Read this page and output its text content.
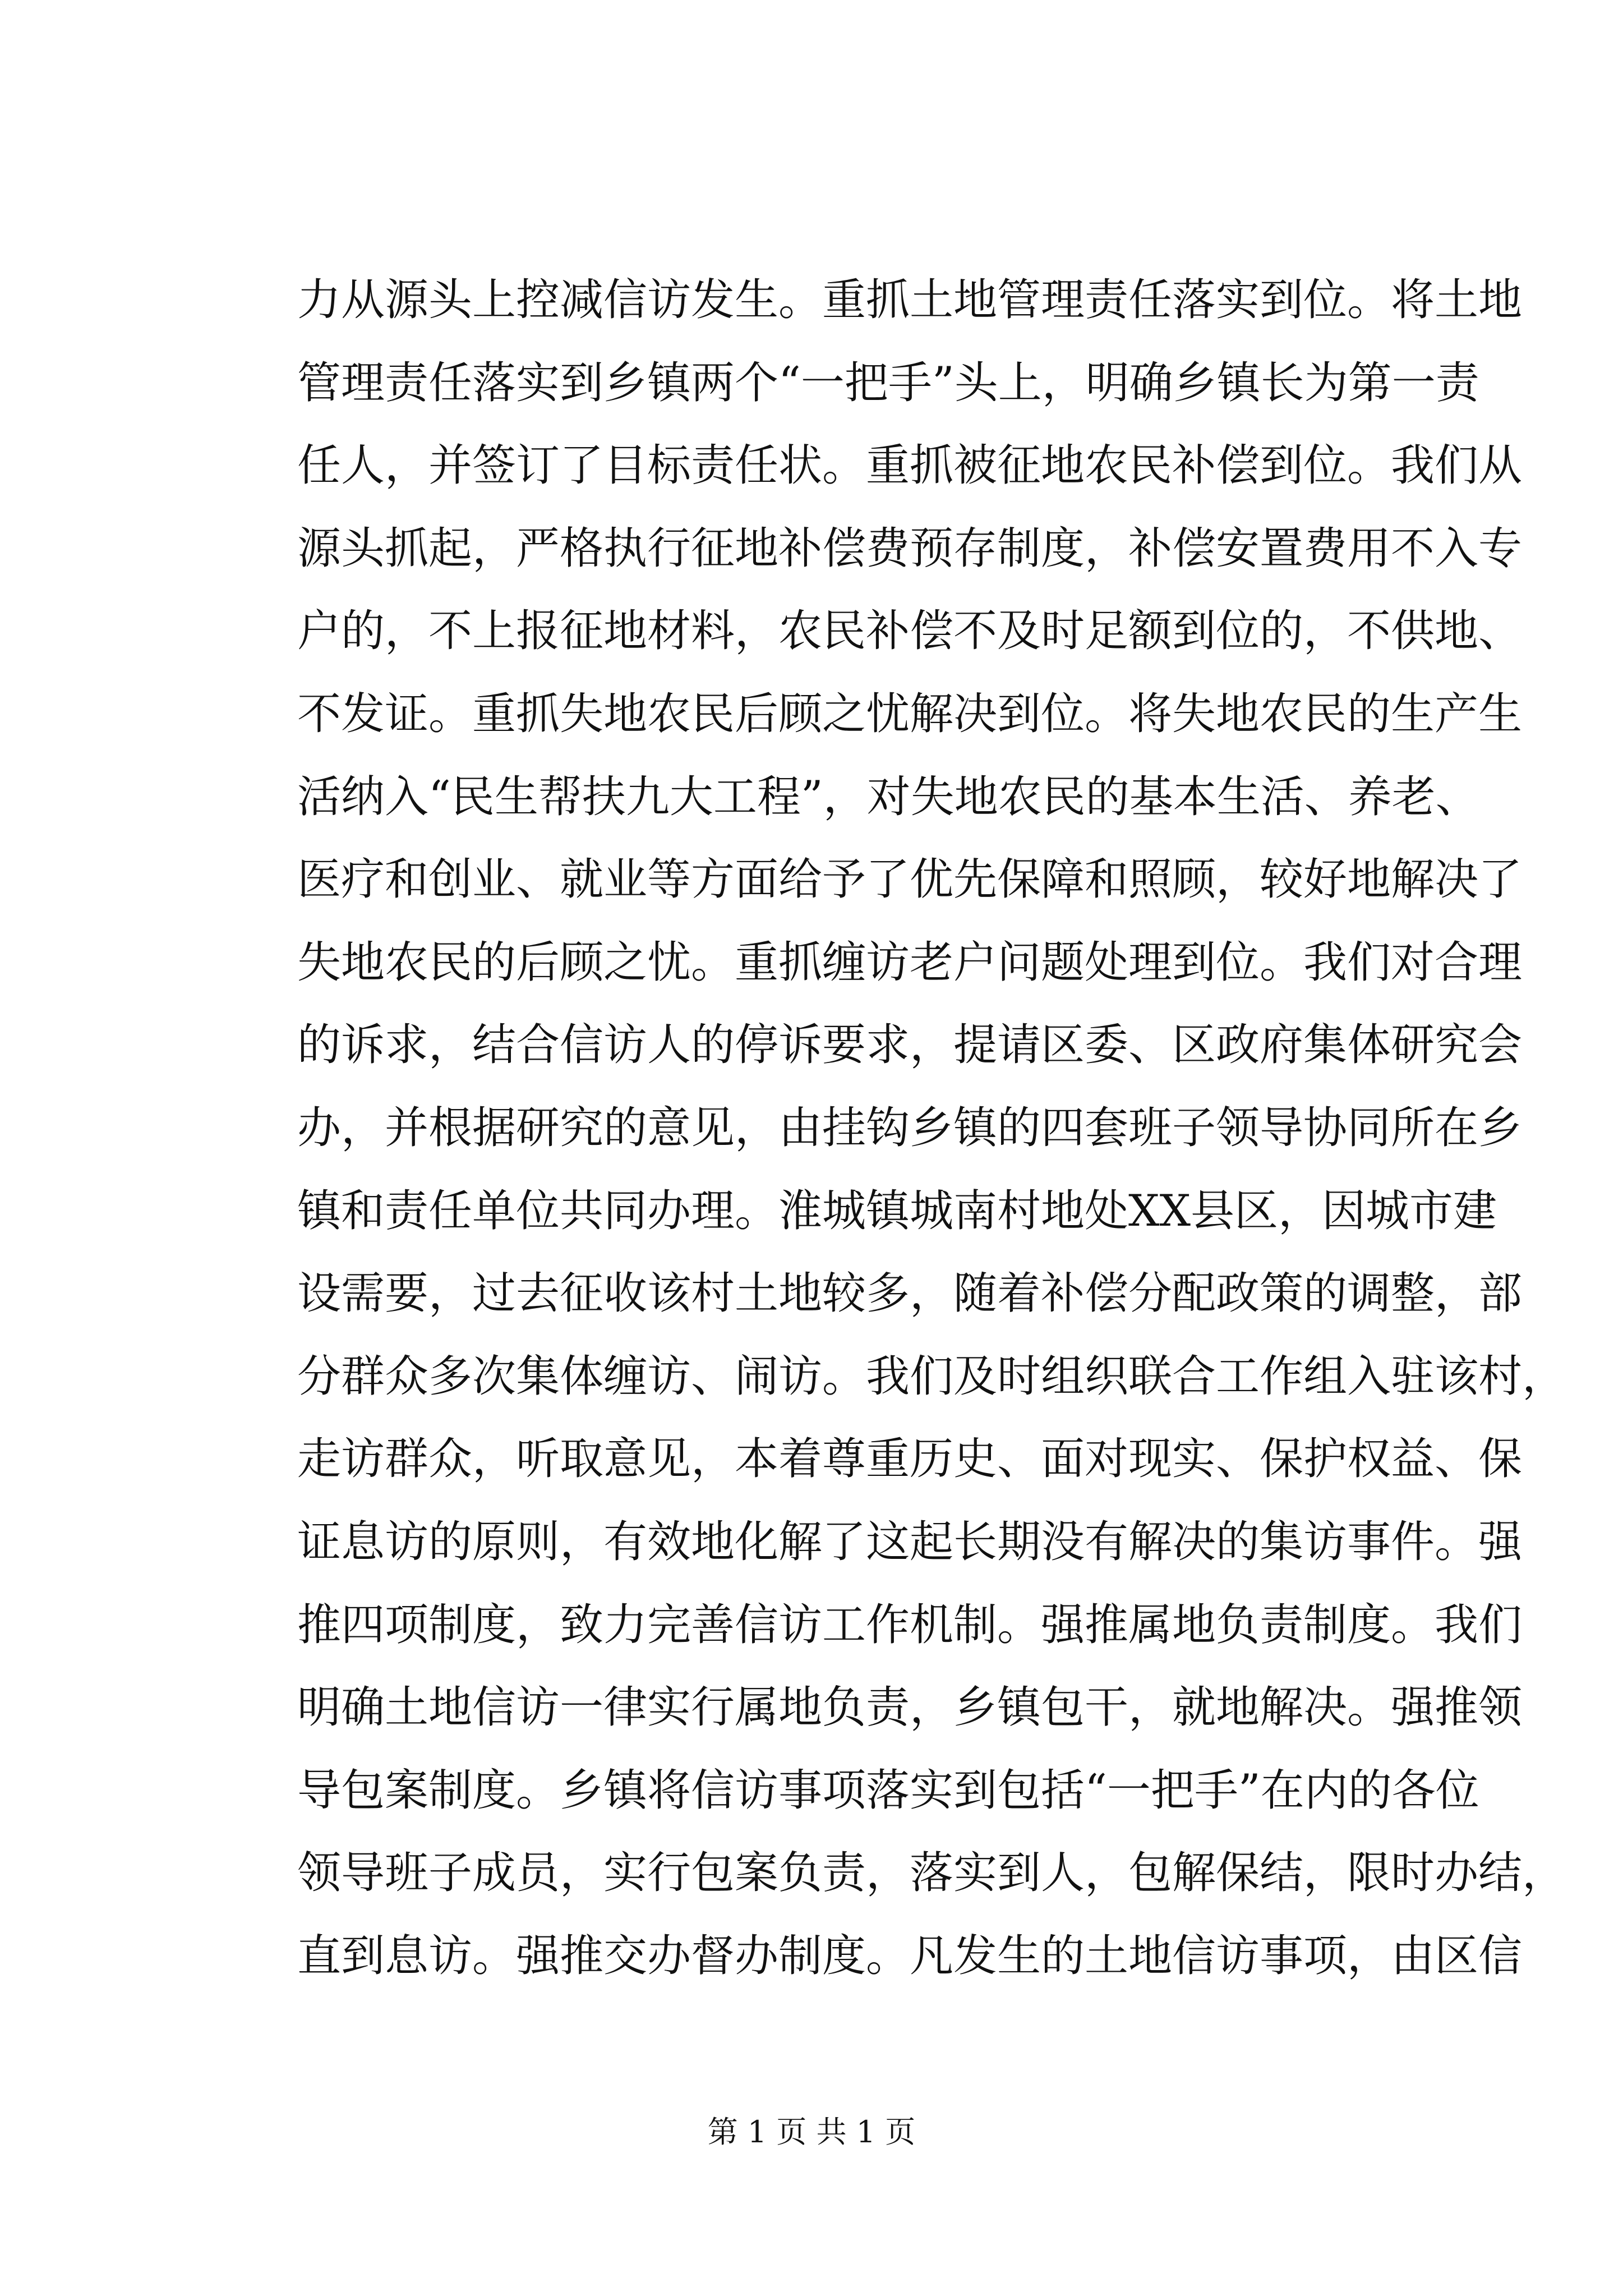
力从源头上控减信访发生。重抓土地管理责任落实到位。将土地
管理责任落实到乡镇两个“一把手”头上，明确乡镇长为第一责
任人，并签订了目标责任状。重抓被征地农民补偿到位。我们从
源头抓起，严格执行征地补偿费预存制度，补偿安置费用不入专
户的，不上报征地材料，农民补偿不及时足额到位的，不供地、
不发证。重抓失地农民后顾之忧解决到位。将失地农民的生产生
活纳入“民生帮扶九大工程”，对失地农民的基本生活、养老、
医疗和创业、就业等方面给予了优先保障和照顾，较好地解决了
失地农民的后顾之忧。重抓缠访老户问题处理到位。我们对合理
的诉求，结合信访人的停诉要求，提请区委、区政府集体研究会
办，并根据研究的意见，由挂钩乡镇的四套班子领导协同所在乡
镇和责任单位共同办理。淮城镇城南村地处XX县区，因城市建
设需要，过去征收该村土地较多，随着补偿分配政策的调整，部
分群众多次集体缠访、闹访。我们及时组织联合工作组入驻该村，
走访群众，听取意见，本着尊重历史、面对现实、保护权益、保
证息访的原则，有效地化解了这起长期没有解决的集访事件。强
推四项制度，致力完善信访工作机制。强推属地负责制度。我们
明确土地信访一律实行属地负责，乡镇包干，就地解决。强推领
导包案制度。乡镇将信访事项落实到包括“一把手”在内的各位
领导班子成员，实行包案负责，落实到人，包解保结，限时办结，
直到息访。强推交办督办制度。凡发生的土地信访事项，由区信
第 1 页 共 1 页
